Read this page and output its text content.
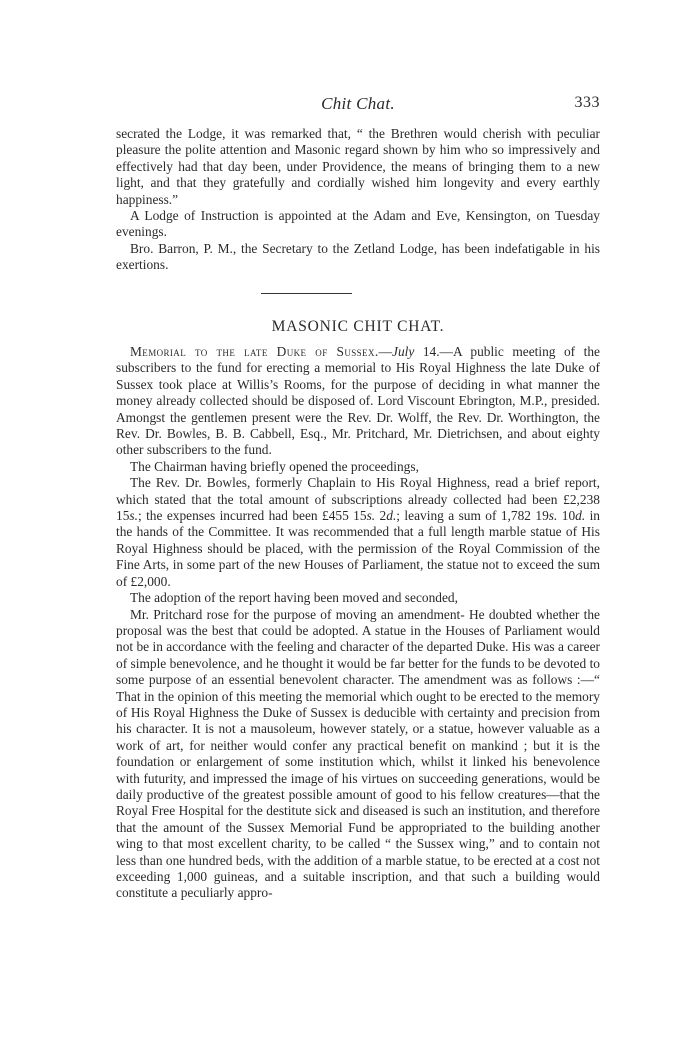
Chit Chat.	333

secrated the Lodge, it was remarked that, “ the Brethren would cherish with peculiar pleasure the polite attention and Masonic regard shown by him who so impressively and effectively had that day been, under Providence, the means of bringing them to a new light, and that they gratefully and cordially wished him longevity and every earthly happiness.”

A Lodge of Instruction is appointed at the Adam and Eve, Kensington, on Tuesday evenings.

Bro. Barron, P. M., the Secretary to the Zetland Lodge, has been indefatigable in his exertions.

MASONIC CHIT CHAT.

Memorial to the late Duke of Sussex.—July 14.—A public meeting of the subscribers to the fund for erecting a memorial to His Royal Highness the late Duke of Sussex took place at Willis’s Rooms, for the purpose of deciding in what manner the money already collected should be disposed of. Lord Viscount Ebrington, M.P., presided. Amongst the gentlemen present were the Rev. Dr. Wolff, the Rev. Dr. Worthington, the Rev. Dr. Bowles, B. B. Cabbell, Esq., Mr. Pritchard, Mr. Dietrichsen, and about eighty other subscribers to the fund.

The Chairman having briefly opened the proceedings,

The Rev. Dr. Bowles, formerly Chaplain to His Royal Highness, read a brief report, which stated that the total amount of subscriptions already collected had been £2,238 15s.; the expenses incurred had been £455 15s. 2d.; leaving a sum of 1,782 19s. 10d. in the hands of the Committee. It was recommended that a full length marble statue of His Royal Highness should be placed, with the permission of the Royal Commission of the Fine Arts, in some part of the new Houses of Parliament, the statue not to exceed the sum of £2,000.

The adoption of the report having been moved and seconded,

Mr. Pritchard rose for the purpose of moving an amendment- He doubted whether the proposal was the best that could be adopted. A statue in the Houses of Parliament would not be in accordance with the feeling and character of the departed Duke. His was a career of simple benevolence, and he thought it would be far better for the funds to be devoted to some purpose of an essential benevolent character. The amendment was as follows :—“ That in the opinion of this meeting the memorial which ought to be erected to the memory of His Royal Highness the Duke of Sussex is deducible with certainty and precision from his character. It is not a mausoleum, however stately, or a statue, however valuable as a work of art, for neither would confer any practical benefit on mankind ; but it is the foundation or enlargement of some institution which, whilst it linked his benevolence with futurity, and impressed the image of his virtues on succeeding generations, would be daily productive of the greatest possible amount of good to his fellow creatures—that the Royal Free Hospital for the destitute sick and diseased is such an institution, and therefore that the amount of the Sussex Memorial Fund be appropriated to the building another wing to that most excellent charity, to be called “ the Sussex wing,” and to contain not less than one hundred beds, with the addition of a marble statue, to be erected at a cost not exceeding 1,000 guineas, and a suitable inscription, and that such a building would constitute a peculiarly appro-
